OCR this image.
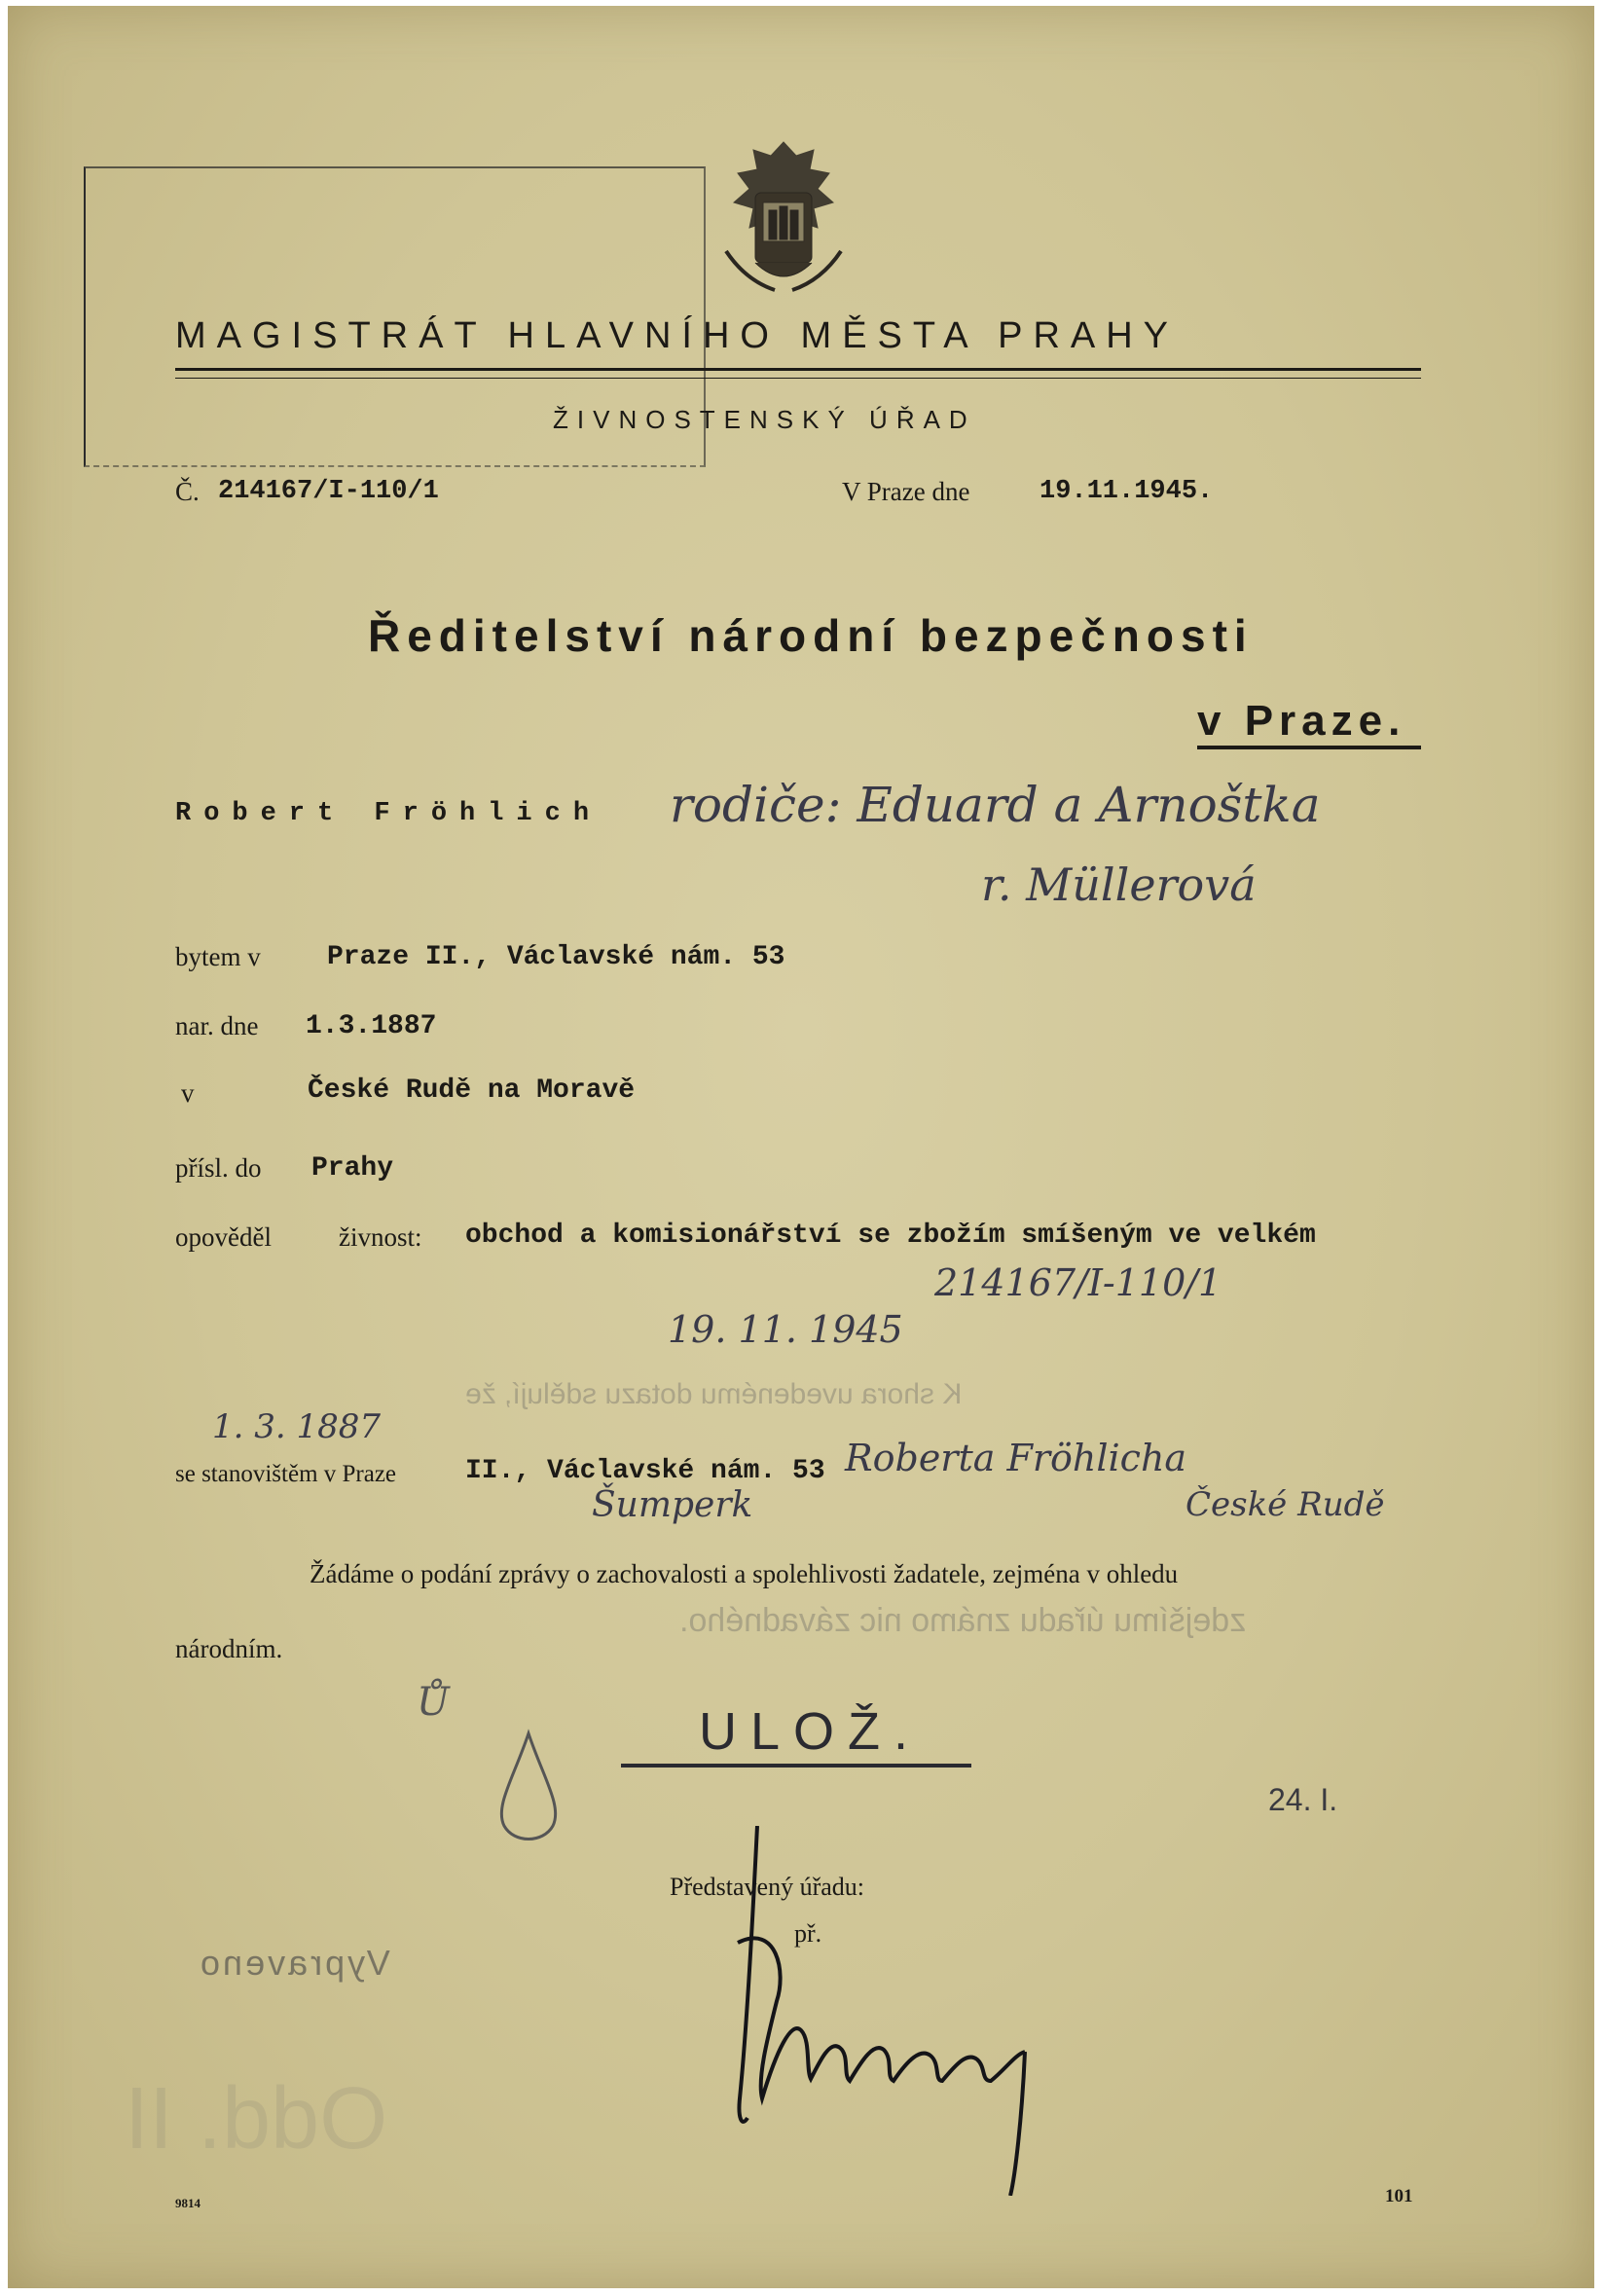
MAGISTRÁT HLAVNÍHO MĚSTA PRAHY
ŽIVNOSTENSKÝ ÚŘAD
Č. 214167/I-110/1	V Praze dne	19.11.1945.
Ředitelství národní bezpečnosti
v Praze.
Robert Fröhlich rodiče: Eduard a Arnoštka
r. Müllerová
bytem v Praze II., Václavské nám. 53
nar. dne 1.3.1887
v	České Rudě na Moravě
přísl. do Prahy
opověděl	živnost: obchod a komisionářství se zbožím smíšeným ve velkém
214167/I-110/1
19. 11. 1945
K shora uvedenému dotazu sdělují, že
Roberta Fröhlicha
1. 3. 1887
České Rudě
Šumperk
se stanovištěm v Praze	II., Václavské nám. 53
Žádáme o podání zprávy o zachovalosti a spolehlivosti žadatele, zejména v ohledu
národním.
zdejšímu úřadu známo nic závadného.
Ů	ULOŽ.
24. I.
Vypraveno
Odd. II
Představený úřadu:
př.
9814	101
